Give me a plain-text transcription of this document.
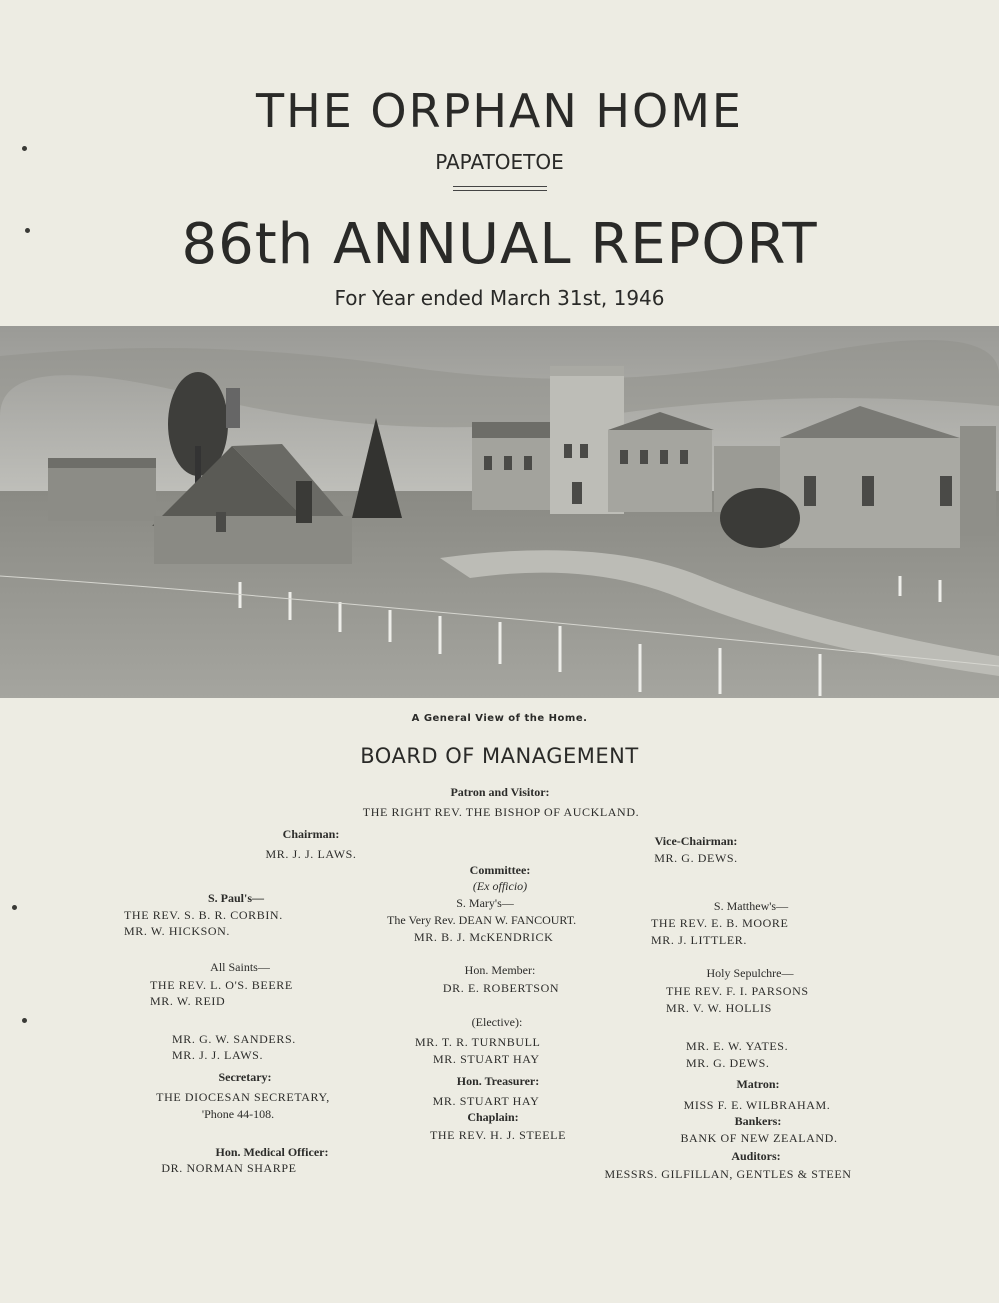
THE ORPHAN HOME
PAPATOETOE
86th ANNUAL REPORT
For Year ended March 31st, 1946
A General View of the Home.
BOARD OF MANAGEMENT
Patron and Visitor:
THE RIGHT REV. THE BISHOP OF AUCKLAND.
Chairman:
MR. J. J. LAWS.
Vice-Chairman:
MR. G. DEWS.
Committee:
(Ex officio)
S. Paul's—
THE REV. S. B. R. CORBIN.
MR. W. HICKSON.
S. Mary's—
The Very Rev. DEAN W. FANCOURT.
MR. B. J. McKENDRICK
S. Matthew's—
THE REV. E. B. MOORE
MR. J. LITTLER.
All Saints—
THE REV. L. O'S. BEERE
MR. W. REID
Hon. Member:
DR. E. ROBERTSON
Holy Sepulchre—
THE REV. F. I. PARSONS
MR. V. W. HOLLIS
MR. G. W. SANDERS.
MR. J. J. LAWS.
(Elective):
MR. T. R. TURNBULL
MR. STUART HAY
MR. E. W. YATES.
MR. G. DEWS.
Secretary:
THE DIOCESAN SECRETARY,
'Phone 44-108.
Hon. Treasurer:
MR. STUART HAY
Chaplain:
THE REV. H. J. STEELE
Matron:
MISS F. E. WILBRAHAM.
Bankers:
BANK OF NEW ZEALAND.
Auditors:
MESSRS. GILFILLAN, GENTLES & STEEN
Hon. Medical Officer:
DR. NORMAN SHARPE
